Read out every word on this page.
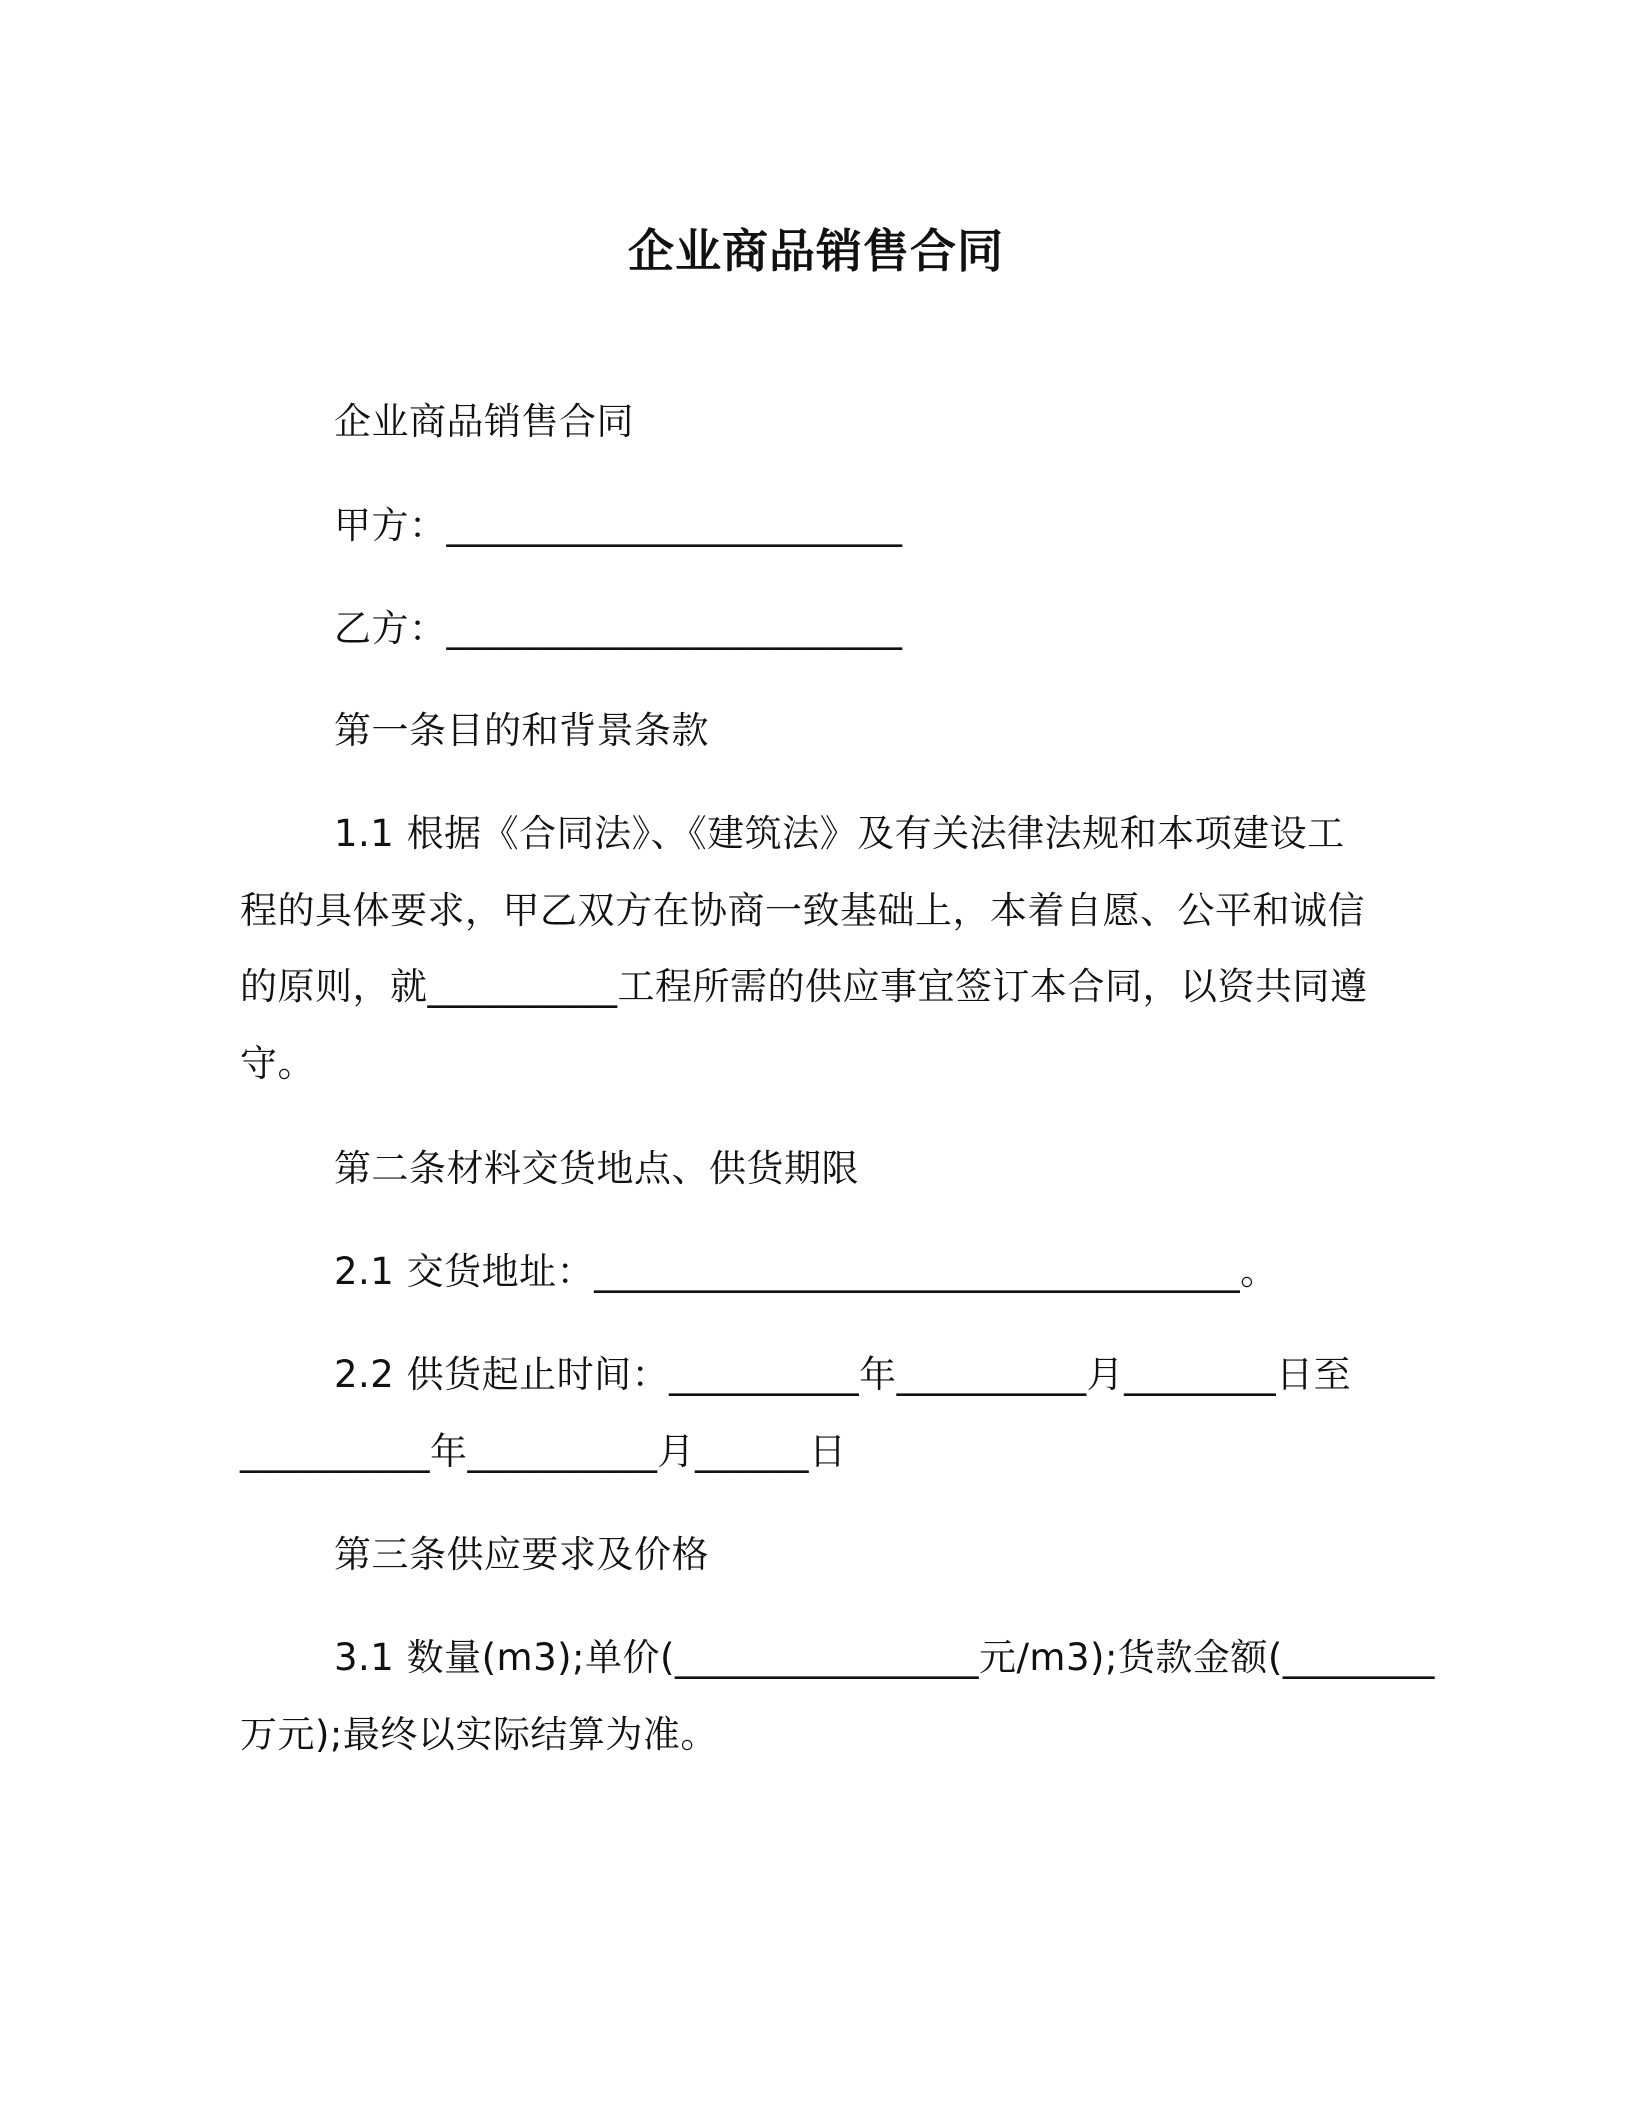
企业商品销售合同
企业商品销售合同
甲方：________________________
乙方：________________________
第一条目的和背景条款
1.1 根据《合同法》、《建筑法》及有关法律法规和本项建设工
程的具体要求，甲乙双方在协商一致基础上，本着自愿、公平和诚信
的原则，就__________工程所需的供应事宜签订本合同，以资共同遵
守。
第二条材料交货地点、供货期限
2.1 交货地址：__________________________________。
2.2 供货起止时间：__________年__________月________日至
__________年__________月______日
第三条供应要求及价格
3.1 数量(m3);单价(________________元/m3);货款金额(________
万元);最终以实际结算为准。
